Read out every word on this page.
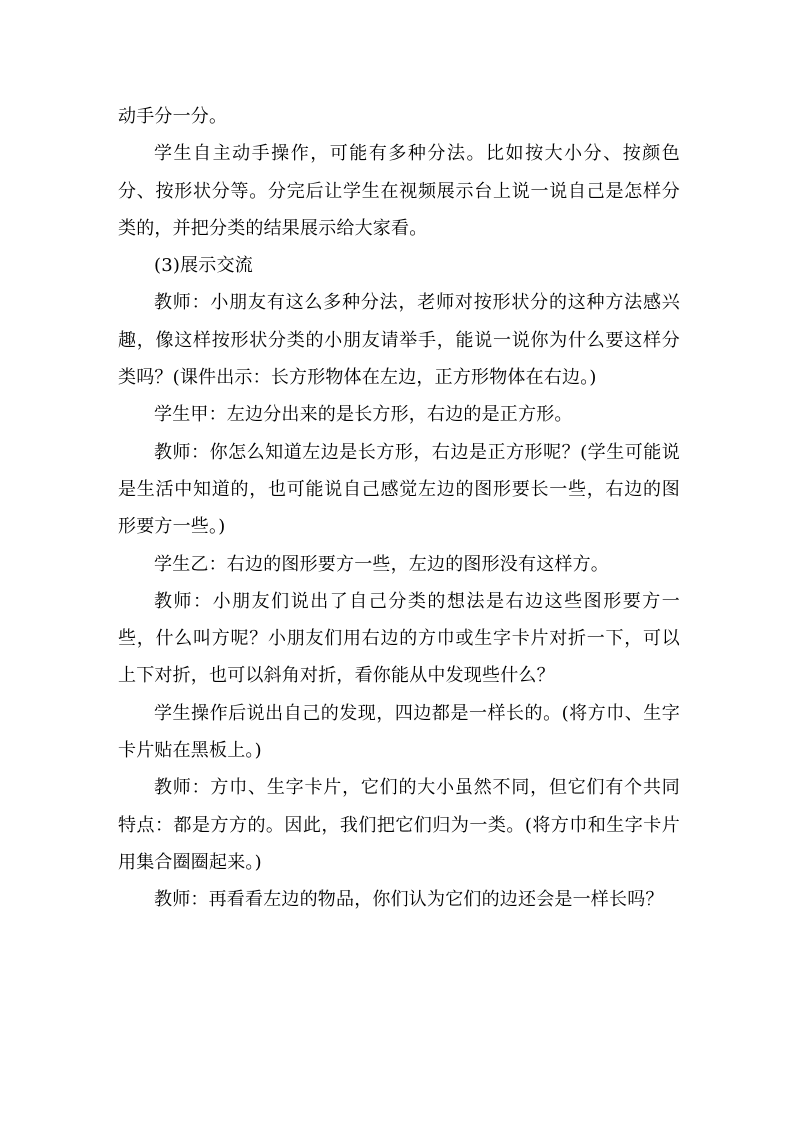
动手分一分。

学生自主动手操作，可能有多种分法。比如按大小分、按颜色分、按形状分等。分完后让学生在视频展示台上说一说自己是怎样分类的，并把分类的结果展示给大家看。

(3)展示交流

教师：小朋友有这么多种分法，老师对按形状分的这种方法感兴趣，像这样按形状分类的小朋友请举手，能说一说你为什么要这样分类吗？(课件出示：长方形物体在左边，正方形物体在右边。)

学生甲：左边分出来的是长方形，右边的是正方形。

教师：你怎么知道左边是长方形，右边是正方形呢？(学生可能说是生活中知道的，也可能说自己感觉左边的图形要长一些，右边的图形要方一些。)

学生乙：右边的图形要方一些，左边的图形没有这样方。

教师：小朋友们说出了自己分类的想法是右边这些图形要方一些，什么叫方呢？小朋友们用右边的方巾或生字卡片对折一下，可以上下对折，也可以斜角对折，看你能从中发现些什么？

学生操作后说出自己的发现，四边都是一样长的。(将方巾、生字卡片贴在黑板上。)

教师：方巾、生字卡片，它们的大小虽然不同，但它们有个共同特点：都是方方的。因此，我们把它们归为一类。(将方巾和生字卡片用集合圈圈起来。)

教师：再看看左边的物品，你们认为它们的边还会是一样长吗？
